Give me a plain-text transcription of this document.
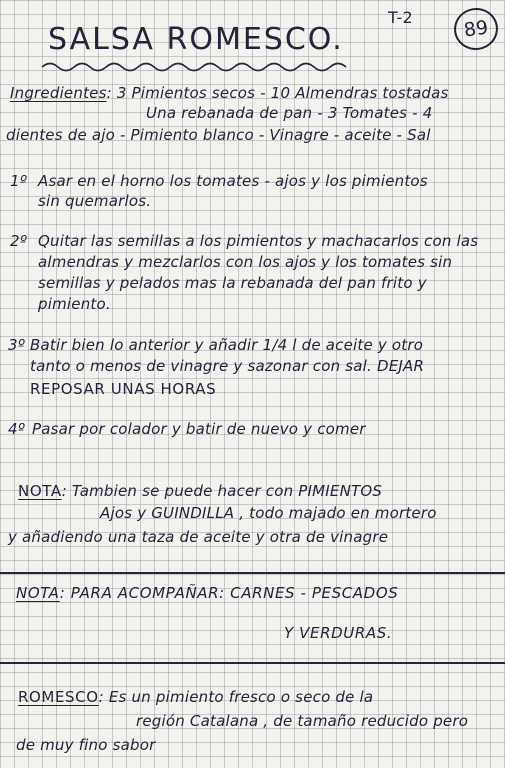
T-2	89
SALSA ROMESCO.
Ingredientes: 3 Pimientos secos - 10 Almendras tostadas
Una rebanada de pan - 3 Tomates - 4
dientes de ajo - Pimiento blanco - Vinagre - aceite - Sal
1º Asar en el horno los tomates - ajos y los pimientos
sin quemarlos.
2º Quitar las semillas a los pimientos y machacarlos con las
almendras y mezclarlos con los ajos y los tomates sin
semillas y pelados mas la rebanada del pan frito y
pimiento.
3º Batir bien lo anterior y añadir 1/4 l de aceite y otro
tanto o menos de vinagre y sazonar con sal. DEJAR
REPOSAR UNAS HORAS
4º Pasar por colador y batir de nuevo y comer
NOTA: Tambien se puede hacer con PIMIENTOS
Ajos y GUINDILLA , todo majado en mortero
y añadiendo una taza de aceite y otra de vinagre
NOTA: PARA ACOMPAÑAR: CARNES - PESCADOS
Y VERDURAS.
ROMESCO: Es un pimiento fresco o seco de la
región Catalana , de tamaño reducido pero
de muy fino sabor
